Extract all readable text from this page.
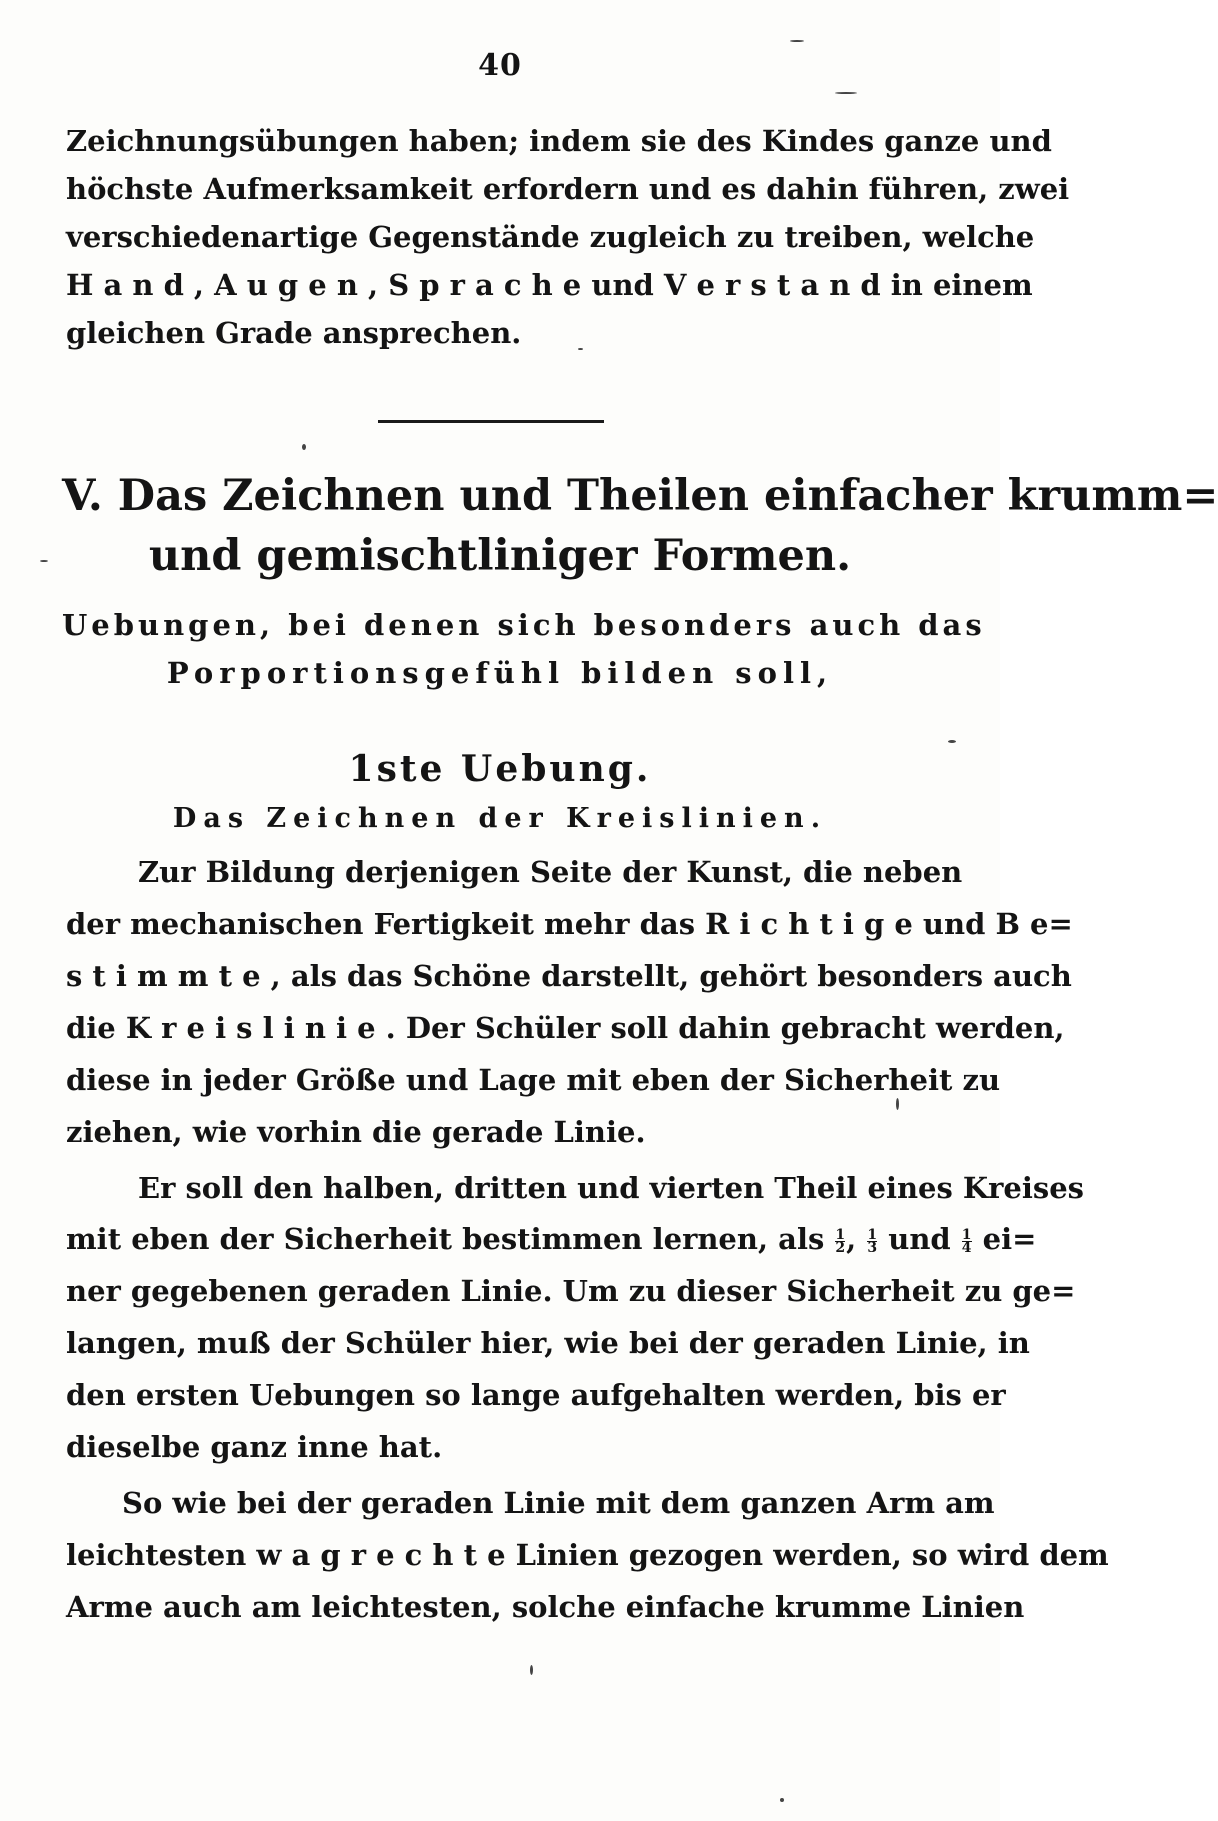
40
Zeichnungsübungen haben; indem sie des Kindes ganze und
höchste Aufmerksamkeit erfordern und es dahin führen, zwei
verschiedenartige Gegenstände zugleich zu treiben, welche
H a n d , A u g e n , S p r a c h e und V e r s t a n d in einem
gleichen Grade ansprechen.
V. Das Zeichnen und Theilen einfacher krumm=
und gemischtliniger Formen.
Uebungen, bei denen sich besonders auch das
Porportionsgefühl bilden soll,
1ste Uebung.
Das Zeichnen der Kreislinien.
Zur Bildung derjenigen Seite der Kunst, die neben
der mechanischen Fertigkeit mehr das R i c h t i g e und B e=
s t i m m t e , als das Schöne darstellt, gehört besonders auch
die K r e i s l i n i e . Der Schüler soll dahin gebracht werden,
diese in jeder Größe und Lage mit eben der Sicherheit zu
ziehen, wie vorhin die gerade Linie.
Er soll den halben, dritten und vierten Theil eines Kreises
mit eben der Sicherheit bestimmen lernen, als $\frac{1}{2}$ , $\frac{1}{3}$ und $\frac{1}{4} ei=$
ner gegebenen geraden Linie. Um zu dieser Sicherheit zu ge=
langen, muß der Schüler hier, wie bei der geraden Linie, in
den ersten Uebungen so lange aufgehalten werden, bis er
dieselbe ganz inne hat.
So wie bei der geraden Linie mit dem ganzen Arm am
leichtesten w a g r e c h t e Linien gezogen werden, so wird dem
Arme auch am leichtesten, solche einfache krumme Linien
